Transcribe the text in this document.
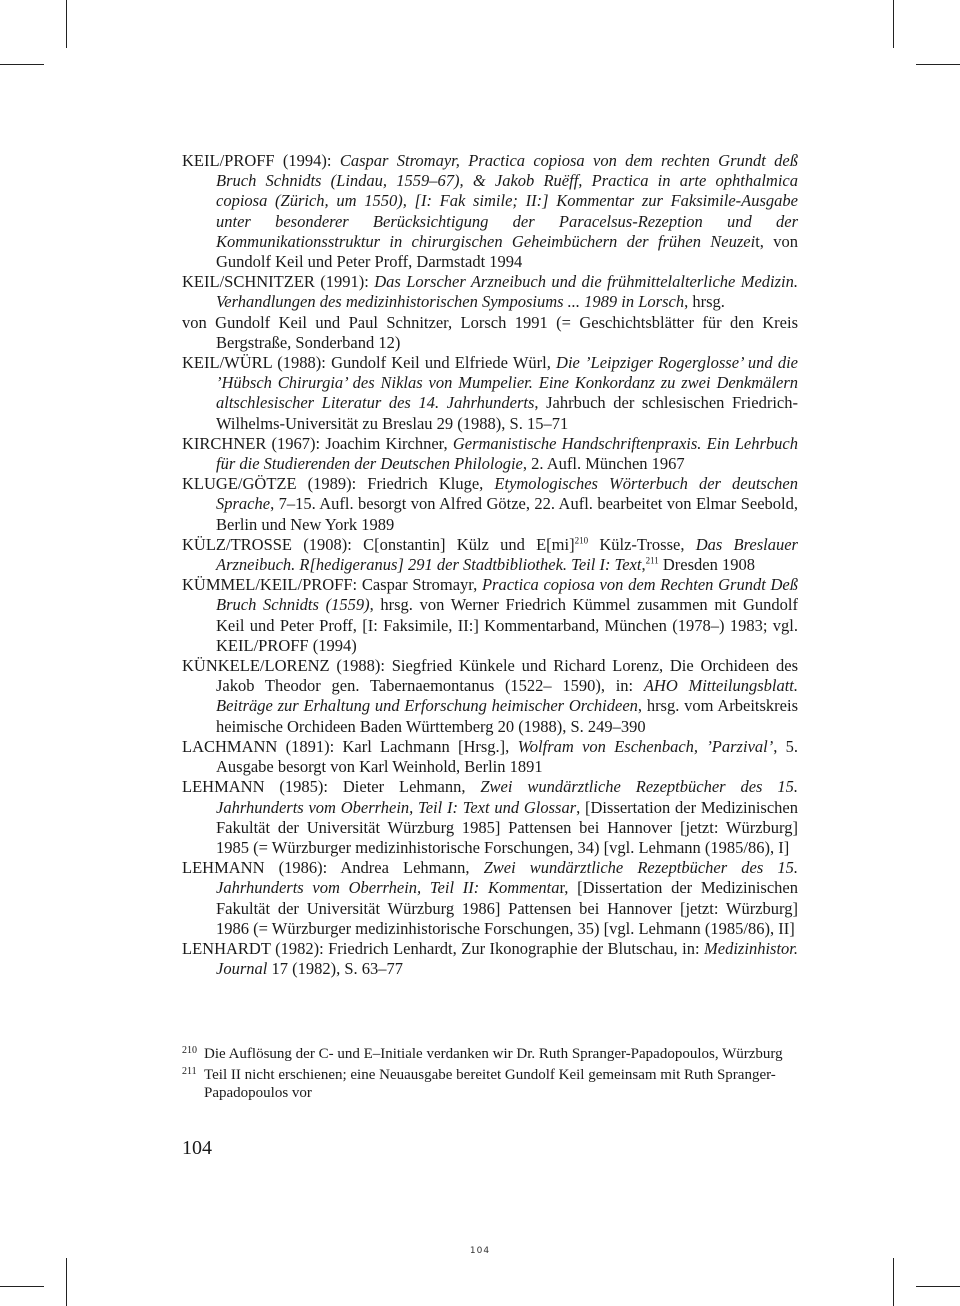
KEIL/PROFF (1994): Caspar Stromayr, Practica copiosa von dem rechten Grundt deß Bruch Schnidts (Lindau, 1559–67), & Jakob Ruëff, Practica in arte ophthalmica copiosa (Zürich, um 1550), [I: Fak simile; II:] Kommentar zur Faksimile-Ausgabe unter besonderer Berücksichtigung der Paracelsus-Rezeption und der Kommunikationsstruktur in chirurgischen Geheimbüchern der frühen Neuzeit, von Gundolf Keil und Peter Proff, Darmstadt 1994

KEIL/SCHNITZER (1991): Das Lorscher Arzneibuch und die frühmittelalterliche Medizin. Verhandlungen des medizinhistorischen Symposiums ... 1989 in Lorsch, hrsg.

von Gundolf Keil und Paul Schnitzer, Lorsch 1991 (= Geschichtsblätter für den Kreis Bergstraße, Sonderband 12)

KEIL/WÜRL (1988): Gundolf Keil und Elfriede Würl, Die ’Leipziger Rogerglosse’ und die ’Hübsch Chirurgia’ des Niklas von Mumpelier. Eine Konkordanz zu zwei Denkmälern altschlesischer Literatur des 14. Jahrhunderts, Jahrbuch der schlesischen Friedrich-Wilhelms-Universität zu Breslau 29 (1988), S. 15–71

KIRCHNER (1967): Joachim Kirchner, Germanistische Handschriftenpraxis. Ein Lehrbuch für die Studierenden der Deutschen Philologie, 2. Aufl. München 1967

KLUGE/GÖTZE (1989): Friedrich Kluge, Etymologisches Wörterbuch der deutschen Sprache, 7–15. Aufl. besorgt von Alfred Götze, 22. Aufl. bearbeitet von Elmar Seebold, Berlin und New York 1989

KÜLZ/TROSSE (1908): C[onstantin] Külz und E[mi]$^{210}$ Külz-Trosse, Das Breslauer Arzneibuch. R[hedigeranus] 291 der Stadtbibliothek. Teil I: Text,$^{211}$ Dresden 1908

KÜMMEL/KEIL/PROFF: Caspar Stromayr, Practica copiosa von dem Rechten Grundt Deß Bruch Schnidts (1559), hrsg. von Werner Friedrich Kümmel zusammen mit Gundolf Keil und Peter Proff, [I: Faksimile, II:] Kommentarband, München (1978–) 1983; vgl. KEIL/PROFF (1994)

KÜNKELE/LORENZ (1988): Siegfried Künkele und Richard Lorenz, Die Orchideen des Jakob Theodor gen. Tabernaemontanus (1522– 1590), in: AHO Mitteilungsblatt. Beiträge zur Erhaltung und Erforschung heimischer Orchideen, hrsg. vom Arbeitskreis heimische Orchideen Baden Württemberg 20 (1988), S. 249–390

LACHMANN (1891): Karl Lachmann [Hrsg.], Wolfram von Eschenbach, ’Parzival’, 5. Ausgabe besorgt von Karl Weinhold, Berlin 1891

LEHMANN (1985): Dieter Lehmann, Zwei wundärztliche Rezeptbücher des 15. Jahrhunderts vom Oberrhein, Teil I: Text und Glossar, [Dissertation der Medizinischen Fakultät der Universität Würzburg 1985] Pattensen bei Hannover [jetzt: Würzburg] 1985 (= Würzburger medizinhistorische Forschungen, 34) [vgl. Lehmann (1985/86), I]

LEHMANN (1986): Andrea Lehmann, Zwei wundärztliche Rezeptbücher des 15. Jahrhunderts vom Oberrhein, Teil II: Kommentar, [Dissertation der Medizinischen Fakultät der Universität Würzburg 1986] Pattensen bei Hannover [jetzt: Würzburg] 1986 (= Würzburger medizinhistorische Forschungen, 35) [vgl. Lehmann (1985/86), II]

LENHARDT (1982): Friedrich Lenhardt, Zur Ikonographie der Blutschau, in: Medizinhistor. Journal 17 (1982), S. 63–77

210 Die Auflösung der C- und E–Initiale verdanken wir Dr. Ruth Spranger-Papadopoulos, Würzburg

211 Teil II nicht erschienen; eine Neuausgabe bereitet Gundolf Keil gemeinsam mit Ruth Spranger-Papadopoulos vor

104
104
